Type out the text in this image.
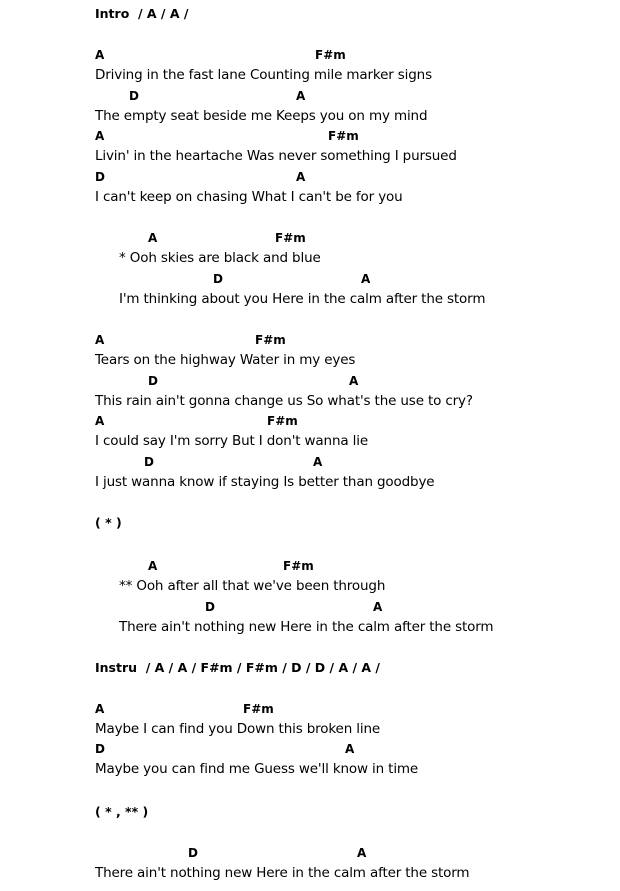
Intro  / A / A /
A	F#m
Driving in the fast lane Counting mile marker signs
D	A
The empty seat beside me Keeps you on my mind
A	F#m
Livin' in the heartache Was never something I pursued
D	A
I can't keep on chasing What I can't be for you
A	F#m
* Ooh skies are black and blue
D	A
I'm thinking about you Here in the calm after the storm
A	F#m
Tears on the highway Water in my eyes
D	A
This rain ain't gonna change us So what's the use to cry?
A	F#m
I could say I'm sorry But I don't wanna lie
D	A
I just wanna know if staying Is better than goodbye
( * )
A	F#m
** Ooh after all that we've been through
D	A
There ain't nothing new Here in the calm after the storm
Instru  / A / A / F#m / F#m / D / D / A / A /
A	F#m
Maybe I can find you Down this broken line
D	A
Maybe you can find me Guess we'll know in time
( * , ** )
D	A
There ain't nothing new Here in the calm after the storm
